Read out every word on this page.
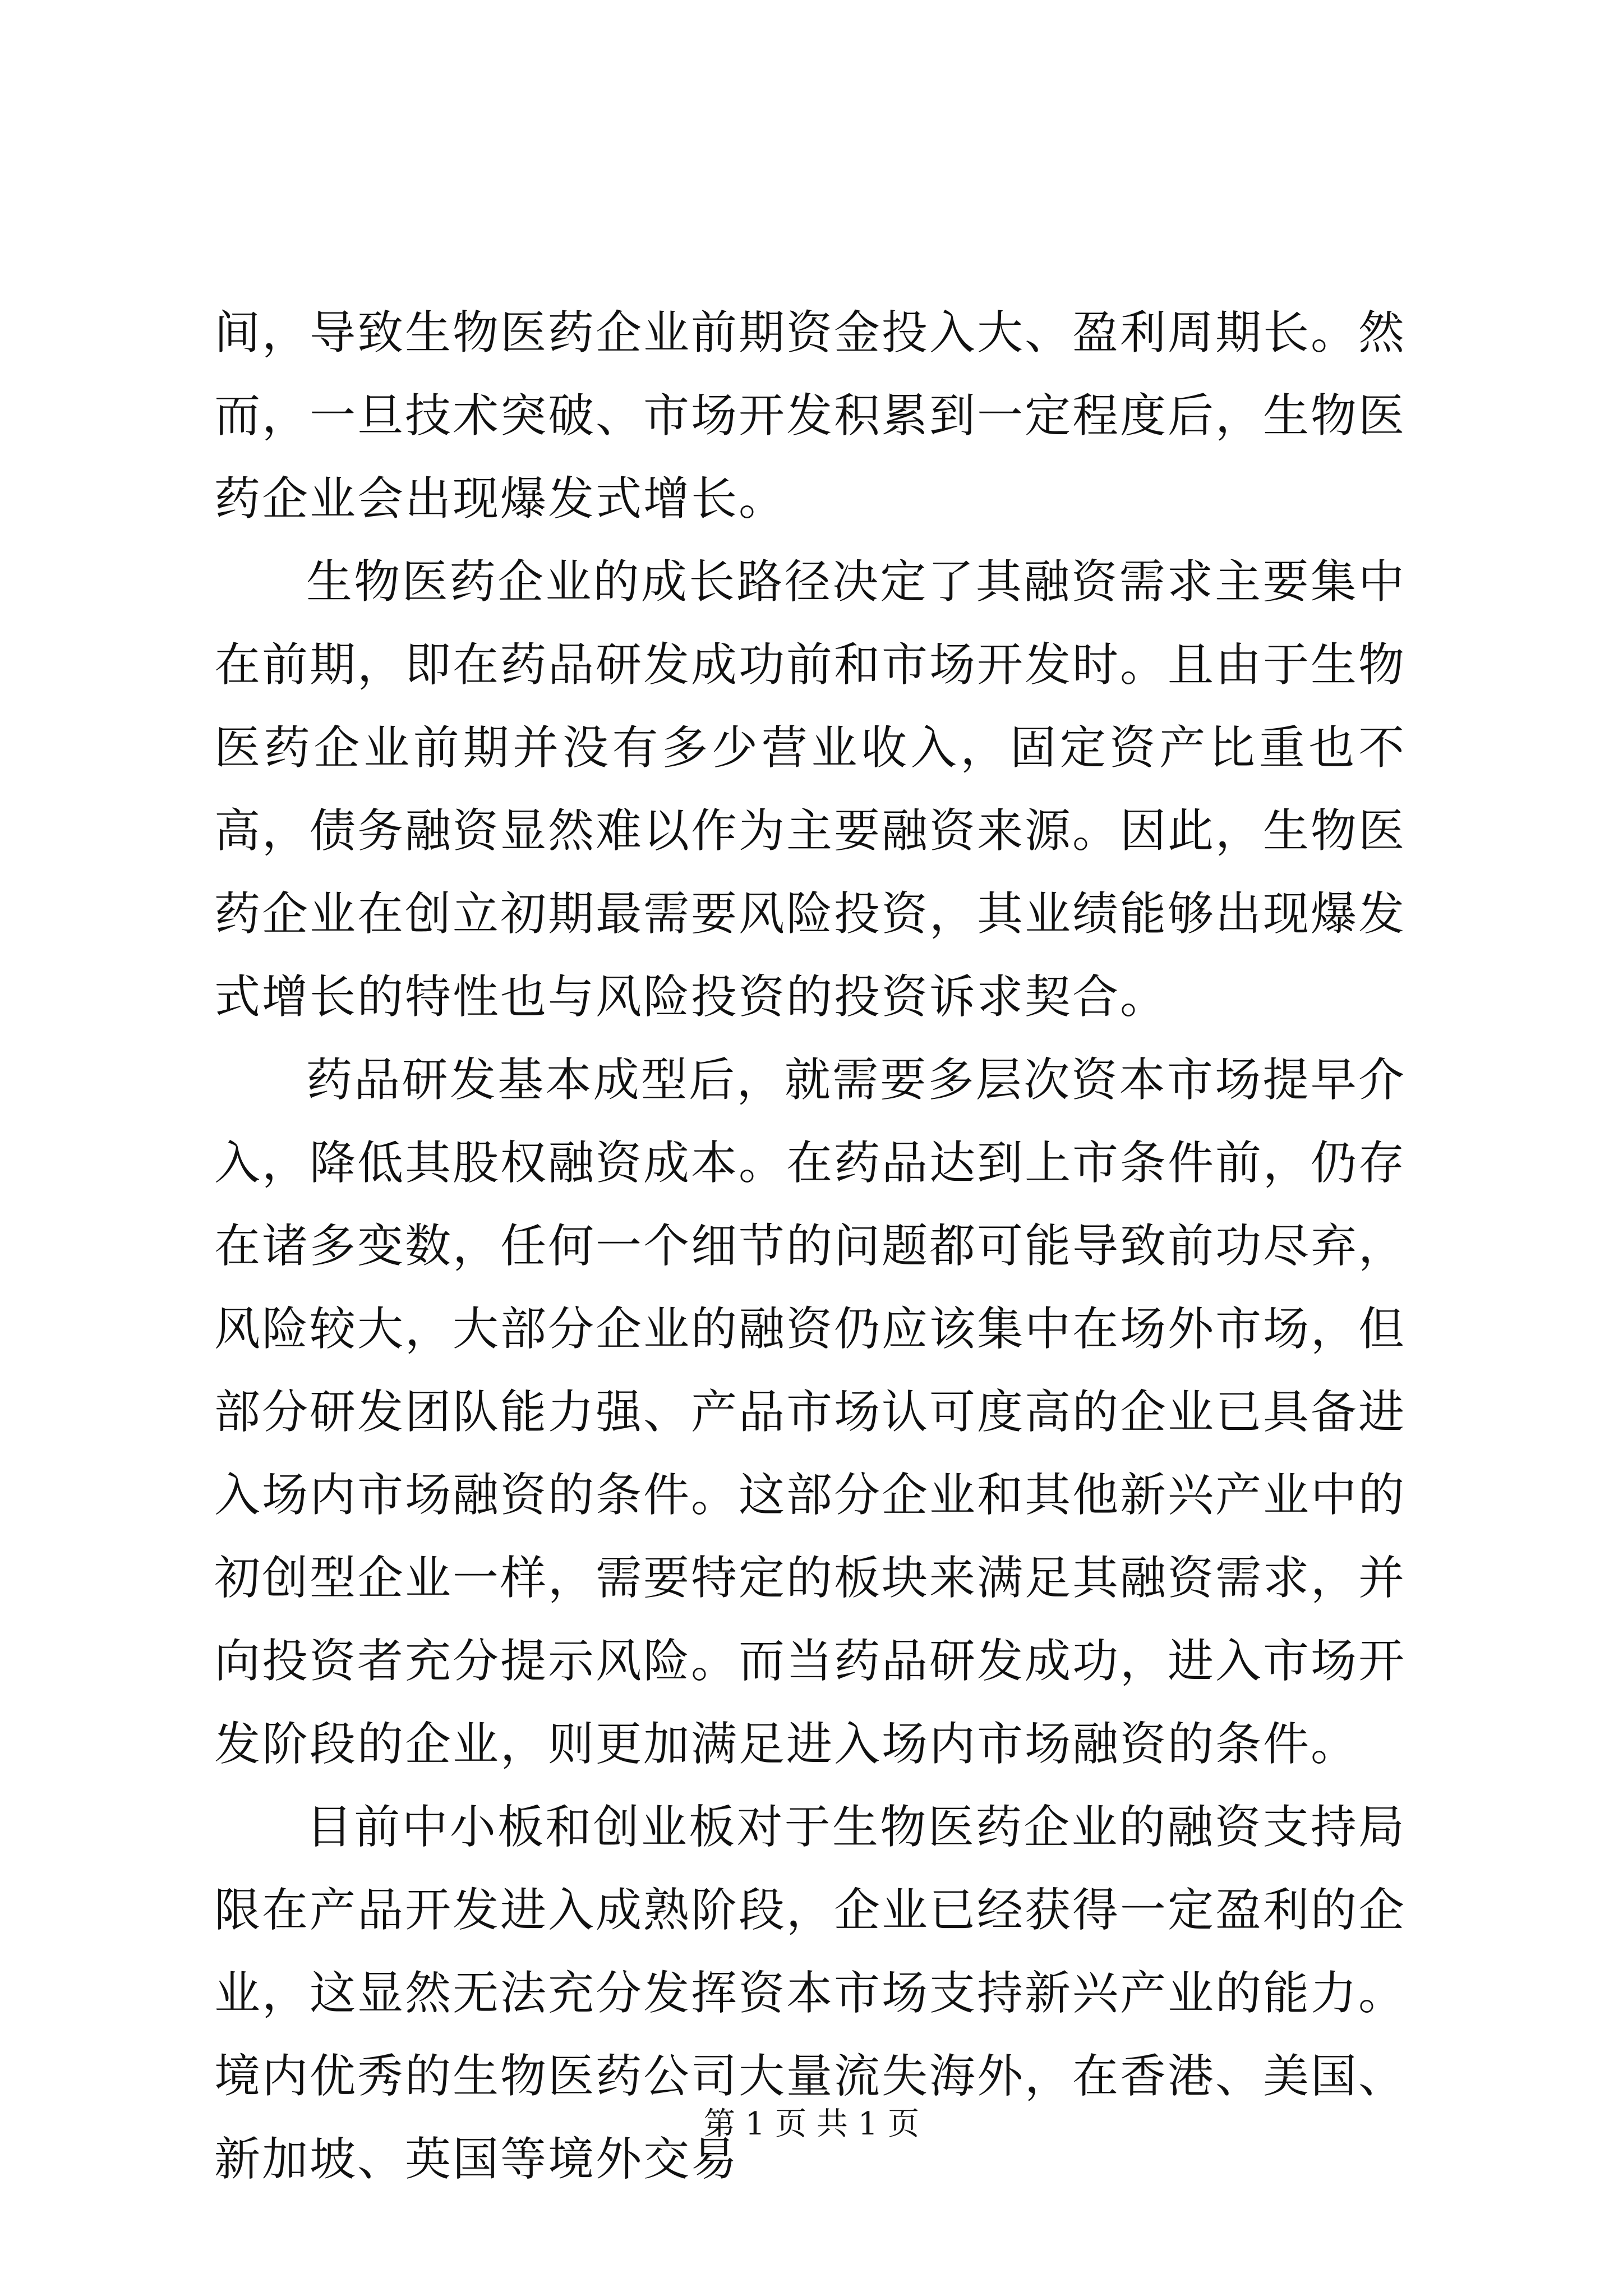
间，导致生物医药企业前期资金投入大、盈利周期长。然而，一旦技术突破、市场开发积累到一定程度后，生物医药企业会出现爆发式增长。

生物医药企业的成长路径决定了其融资需求主要集中在前期，即在药品研发成功前和市场开发时。且由于生物医药企业前期并没有多少营业收入，固定资产比重也不高，债务融资显然难以作为主要融资来源。因此，生物医药企业在创立初期最需要风险投资，其业绩能够出现爆发式增长的特性也与风险投资的投资诉求契合。

药品研发基本成型后，就需要多层次资本市场提早介入，降低其股权融资成本。在药品达到上市条件前，仍存在诸多变数，任何一个细节的问题都可能导致前功尽弃，风险较大，大部分企业的融资仍应该集中在场外市场，但部分研发团队能力强、产品市场认可度高的企业已具备进入场内市场融资的条件。这部分企业和其他新兴产业中的初创型企业一样，需要特定的板块来满足其融资需求，并向投资者充分提示风险。而当药品研发成功，进入市场开发阶段的企业，则更加满足进入场内市场融资的条件。

目前中小板和创业板对于生物医药企业的融资支持局限在产品开发进入成熟阶段，企业已经获得一定盈利的企业，这显然无法充分发挥资本市场支持新兴产业的能力。境内优秀的生物医药公司大量流失海外，在香港、美国、新加坡、英国等境外交易

第 1 页 共 1 页
